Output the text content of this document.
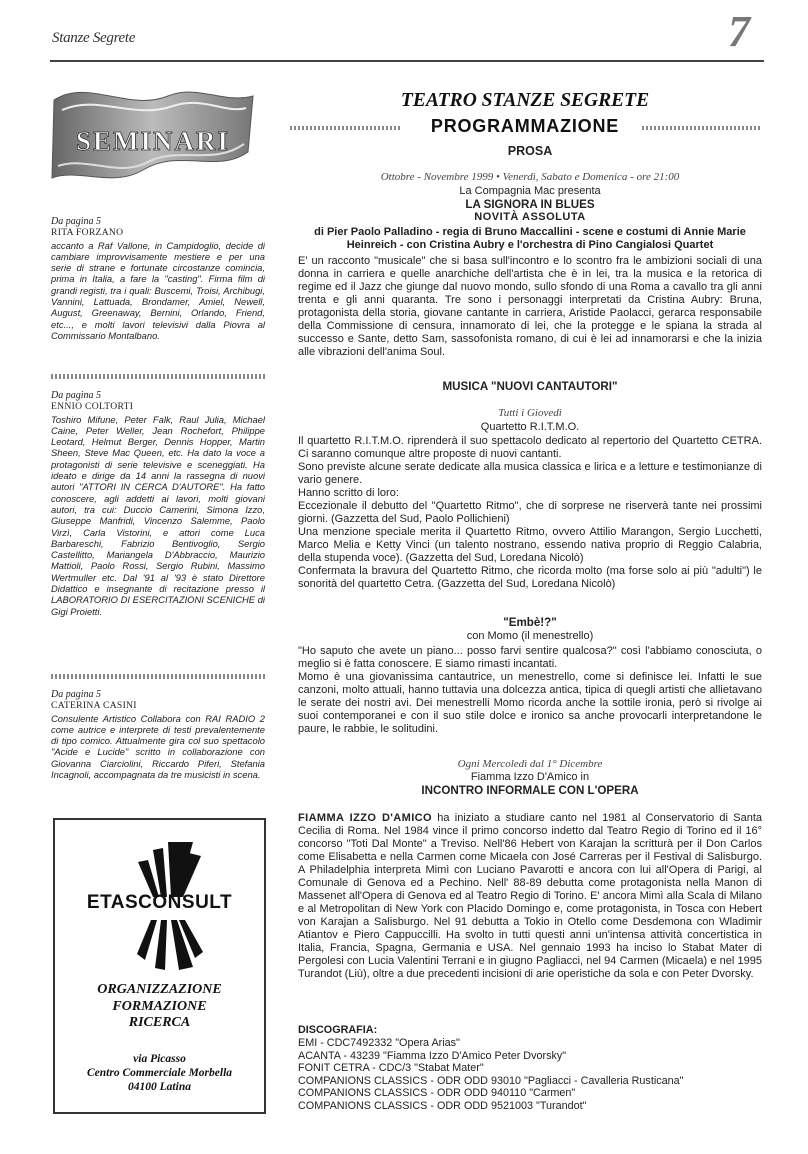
Stanze Segrete	7
SEMINARI
Da pagina 5
RITA FORZANO
accanto a Raf Vallone, in Campidoglio, decide di cambiare improvvisamente mestiere e per una serie di strane e fortunate circostanze comincia, prima in Italia, a fare la "casting". Firma film di grandi registi, tra i quali: Buscemi, Troisi, Archibugi, Vannini, Lattuada, Brondamer, Amiel, Newell, August, Greenaway, Bernini, Orlando, Friend, etc..., e molti lavori televisivi dalla Piovra al Commissario Montalbano.
Da pagina 5
ENNIO COLTORTI
Toshiro Mifune, Peter Falk, Raul Julia, Michael Caine, Peter Weller, Jean Rochefort, Philippe Leotard, Helmut Berger, Dennis Hopper, Martin Sheen, Steve Mac Queen, etc. Ha dato la voce a protagonisti di serie televisive e sceneggiati. Ha ideato e dirige da 14 anni la rassegna di nuovi autori "ATTORI IN CERCA D'AUTORE". Ha fatto conoscere, agli addetti ai lavori, molti giovani autori, tra cui: Duccio Camerini, Simona Izzo, Giuseppe Manfridi, Vincenzo Salemme, Paolo Virzì, Carla Vistorini, e attori come Luca Barbareschi, Fabrizio Bentivoglio, Sergio Castellitto, Mariangela D'Abbraccio, Maurizio Mattioli, Paolo Rossi, Sergio Rubini, Massimo Wertmuller etc. Dal '91 al '93 è stato Direttore Didattico e insegnante di recitazione presso il LABORATORIO DI ESERCITAZIONI SCENICHE di Gigi Proietti.
Da pagina 5
CATERINA CASINI
Consulente Artistico Collabora con RAI RADIO 2 come autrice e interprete di testi prevalentemente di tipo comico. Attualmente gira col suo spettacolo "Acide e Lucide" scritto in collaborazione con Giovanna Ciarciolini, Riccardo Piferi, Stefania Incagnoli, accompagnata da tre musicisti in scena.
ETASCONSULT
ORGANIZZAZIONE
FORMAZIONE
RICERCA
via Picasso
Centro Commerciale Morbella
04100 Latina
TEATRO STANZE SEGRETE
PROGRAMMAZIONE
PROSA
Ottobre - Novembre 1999 • Venerdì, Sabato e Domenica - ore 21:00
La Compagnia Mac presenta
LA SIGNORA IN BLUES
NOVITÀ ASSOLUTA
di Pier Paolo Palladino - regia di Bruno Maccallini - scene e costumi di Annie Marie Heinreich - con Cristina Aubry e l'orchestra di Pino Cangialosi Quartet
E' un racconto "musicale" che si basa sull'incontro e lo scontro fra le ambizioni sociali di una donna in carriera e quelle anarchiche dell'artista che è in lei, tra la musica e la retorica di regime ed il Jazz che giunge dal nuovo mondo, sullo sfondo di una Roma a cavallo tra gli anni trenta e gli anni quaranta. Tre sono i personaggi interpretati da Cristina Aubry: Bruna, protagonista della storia, giovane cantante in carriera, Aristide Paolacci, gerarca responsabile della Commissione di censura, innamorato di lei, che la protegge e le spiana la strada al successo e Sante, detto Sam, sassofonista romano, di cui è lei ad innamorarsi e che la inizia alle vibrazioni dell'anima Soul.
MUSICA "NUOVI CANTAUTORI"
Tutti i Giovedì
Quartetto R.I.T.M.O.
Il quartetto R.I.T.M.O. riprenderà il suo spettacolo dedicato al repertorio del Quartetto CETRA. Ci saranno comunque altre proposte di nuovi cantanti.
Sono previste alcune serate dedicate alla musica classica e lirica e a letture e testimonianze di vario genere.
Hanno scritto di loro:
Eccezionale il debutto del "Quartetto Ritmo", che di sorprese ne riserverà tante nei prossimi giorni. (Gazzetta del Sud, Paolo Pollichieni)
Una menzione speciale merita il Quartetto Ritmo, ovvero Attilio Marangon, Sergio Lucchetti, Marco Melia e Ketty Vinci (un talento nostrano, essendo nativa proprio di Reggio Calabria, della stupenda voce). (Gazzetta del Sud, Loredana Nicolò)
Confermata la bravura del Quartetto Ritmo, che ricorda molto (ma forse solo ai più "adulti") le sonorità del quartetto Cetra. (Gazzetta del Sud, Loredana Nicolò)
"Embè!?"
con Momo (il menestrello)
"Ho saputo che avete un piano... posso farvi sentire qualcosa?" così l'abbiamo conosciuta, o meglio si è fatta conoscere. E siamo rimasti incantati.
Momo è una giovanissima cantautrice, un menestrello, come si definisce lei. Infatti le sue canzoni, molto attuali, hanno tuttavia una dolcezza antica, tipica di quegli artisti che allietavano le serate dei nostri avi. Dei menestrelli Momo ricorda anche la sottile ironia, però si rivolge ai suoi contemporanei e con il suo stile dolce e ironico sa anche provocarli interpretandone le paure, le rabbie, le solitudini.
Ogni Mercoledì dal 1° Dicembre
Fiamma Izzo D'Amico in
INCONTRO INFORMALE CON L'OPERA
FIAMMA IZZO D'AMICO ha iniziato a studiare canto nel 1981 al Conservatorio di Santa Cecilia di Roma. Nel 1984 vince il primo concorso indetto dal Teatro Regio di Torino ed il 16° concorso "Toti Dal Monte" a Treviso. Nell'86 Hebert von Karajan la scritturà per il Don Carlos come Elisabetta e nella Carmen come Micaela con José Carreras per il Festival di Salisburgo. A Philadelphia interpreta Mimì con Luciano Pavarotti e ancora con lui all'Opera di Parigi, al Comunale di Genova ed a Pechino. Nell' 88-89 debutta come protagonista nella Manon di Massenet all'Opera di Genova ed al Teatro Regio di Torino. E' ancora Mimì alla Scala di Milano e al Metropolitan di New York con Placido Domingo e, come protagonista, in Tosca con Hebert von Karajan a Salisburgo. Nel 91 debutta a Tokio in Otello come Desdemona con Wladimir Atiantov e Piero Cappuccilli. Ha svolto in tutti questi anni un'intensa attività concertistica in Italia, Francia, Spagna, Germania e USA. Nel gennaio 1993 ha inciso lo Stabat Mater di Pergolesi con Lucia Valentini Terrani e in giugno Pagliacci, nel 94 Carmen (Micaela) e nel 1995 Turandot (Liù), oltre a due precedenti incisioni di arie operistiche da sola e con Peter Dvorsky.
DISCOGRAFIA:
EMI - CDC7492332 "Opera Arias"
ACANTA - 43239 "Fiamma Izzo D'Amico Peter Dvorsky"
FONIT CETRA - CDC/3 "Stabat Mater"
COMPANIONS CLASSICS - ODR ODD 93010 "Pagliacci - Cavalleria Rusticana"
COMPANIONS CLASSICS - ODR ODD 940110 "Carmen"
COMPANIONS CLASSICS - ODR ODD 9521003 "Turandot"
